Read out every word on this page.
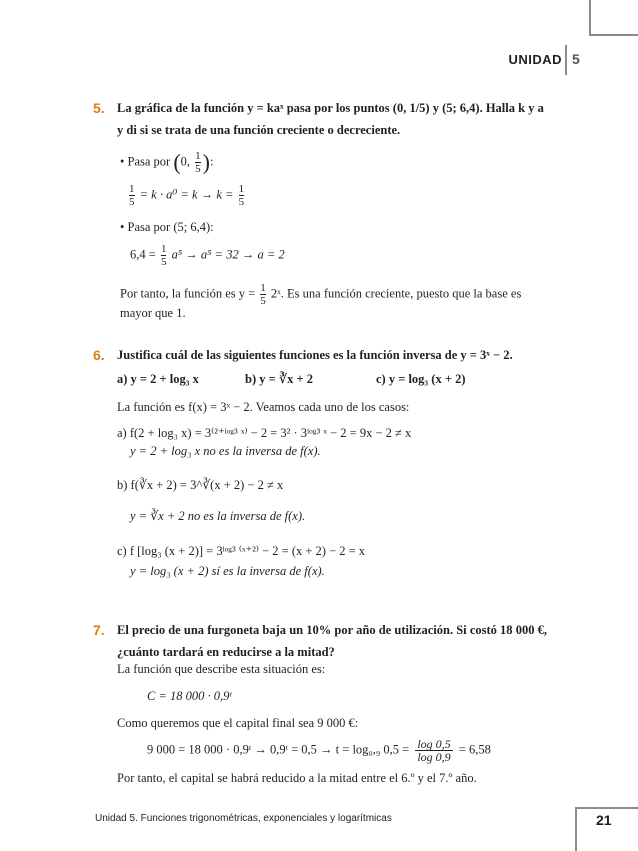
UNIDAD 5
5. La gráfica de la función y = kaˣ pasa por los puntos (0, 1/5) y (5; 6,4). Halla k y a y di si se trata de una función creciente o decreciente.
• Pasa por (0, $\frac{1}{5}$ ):
$\frac{1}{5} = k \cdot a^0 = k \to k = \frac{1}{5}$
• Pasa por (5; 6,4):
$6,4 = \frac{1}{5} a^5 \to a^5 = 32 \to a = 2$
Por tanto, la función es $y = \frac{1}{5}$ 2ˣ. Es una función creciente, puesto que la base es
mayor que 1.
6. Justifica cuál de las siguientes funciones es la función inversa de y = 3ˣ − 2.
a) y = 2 + log₃ x	b) y = ∛x + 2	c) y = log₃ (x + 2)
La función es f(x) = 3ˣ − 2. Veamos cada uno de los casos:
a) f(2 + log₃ x) = 3⁽²⁺ˡᵒᵍ³ ˣ⁾ − 2 = 3² · 3ˡᵒᵍ³ ˣ − 2 = 9x − 2 ≠ x
y = 2 + log₃ x no es la inversa de f(x).
b) f(∛x + 2) = 3^∛(x + 2) − 2 ≠ x
y = ∛x + 2 no es la inversa de f(x).
c) f [log₃ (x + 2)] = 3ˡᵒᵍ³ ⁽ˣ⁺²⁾ − 2 = (x + 2) − 2 = x
y = log₃ (x + 2) sí es la inversa de f(x).
7. El precio de una furgoneta baja un 10% por año de utilización. Si costó 18 000 €, ¿cuánto tardará en reducirse a la mitad?
La función que describe esta situación es:
C = 18 000 · 0,9ᵗ
Como queremos que el capital final sea 9 000 €:
9 000 = 18 000 · 0,9ᵗ → 0,9ᵗ = 0,5 → t = log₀,₉ $0,5 = \frac{\log 0,5}{\log 0,9} = 6,58$
Por tanto, el capital se habrá reducido a la mitad entre el 6.º y el 7.º año.
Unidad 5. Funciones trigonométricas, exponenciales y logarítmicas	21
